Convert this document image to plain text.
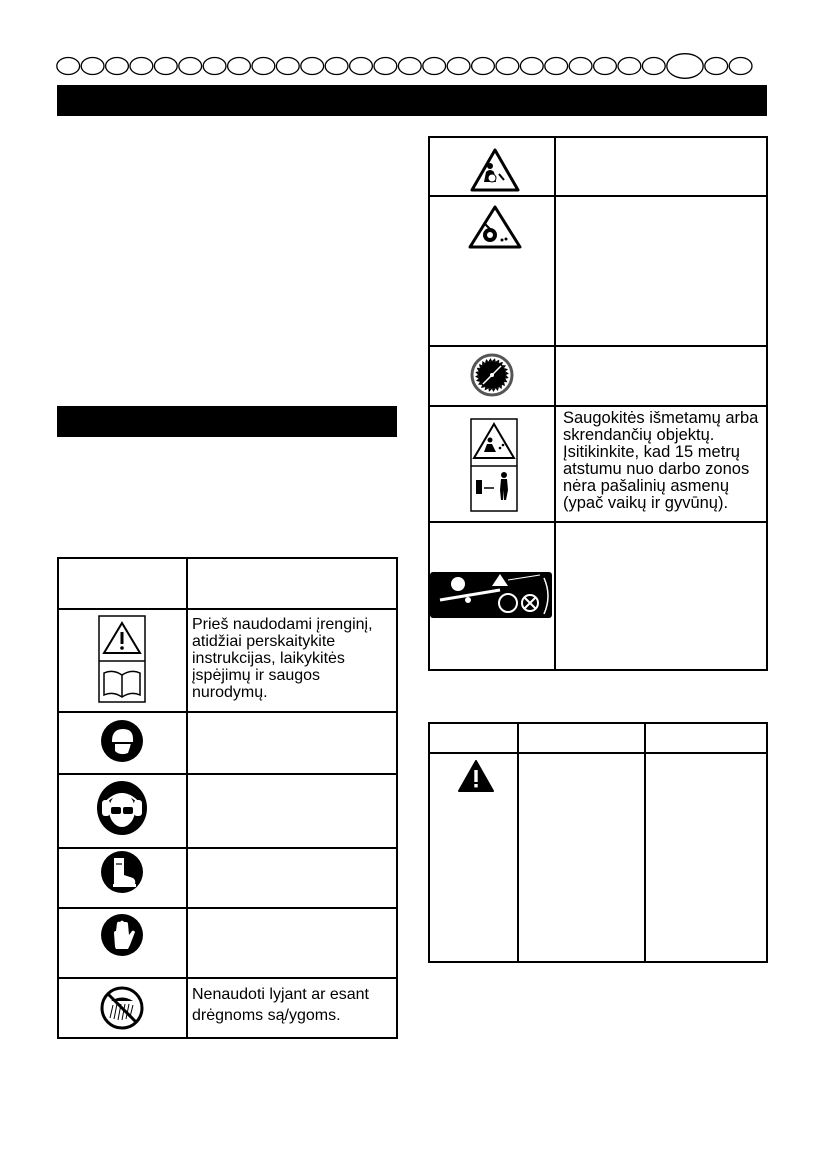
Prieš naudodami įrenginį,
atidžiai perskaitykite
instrukcijas, laikykitės
įspėjimų ir saugos
nurodymų.
Nenaudoti lyjant ar esant
drėgnoms są/ygoms.
Saugokitės išmetamų arba
skrendančių objektų.
Įsitikinkite, kad 15 metrų
atstumu nuo darbo zonos
nėra pašalinių asmenų
(ypač vaikų ir gyvūnų).
